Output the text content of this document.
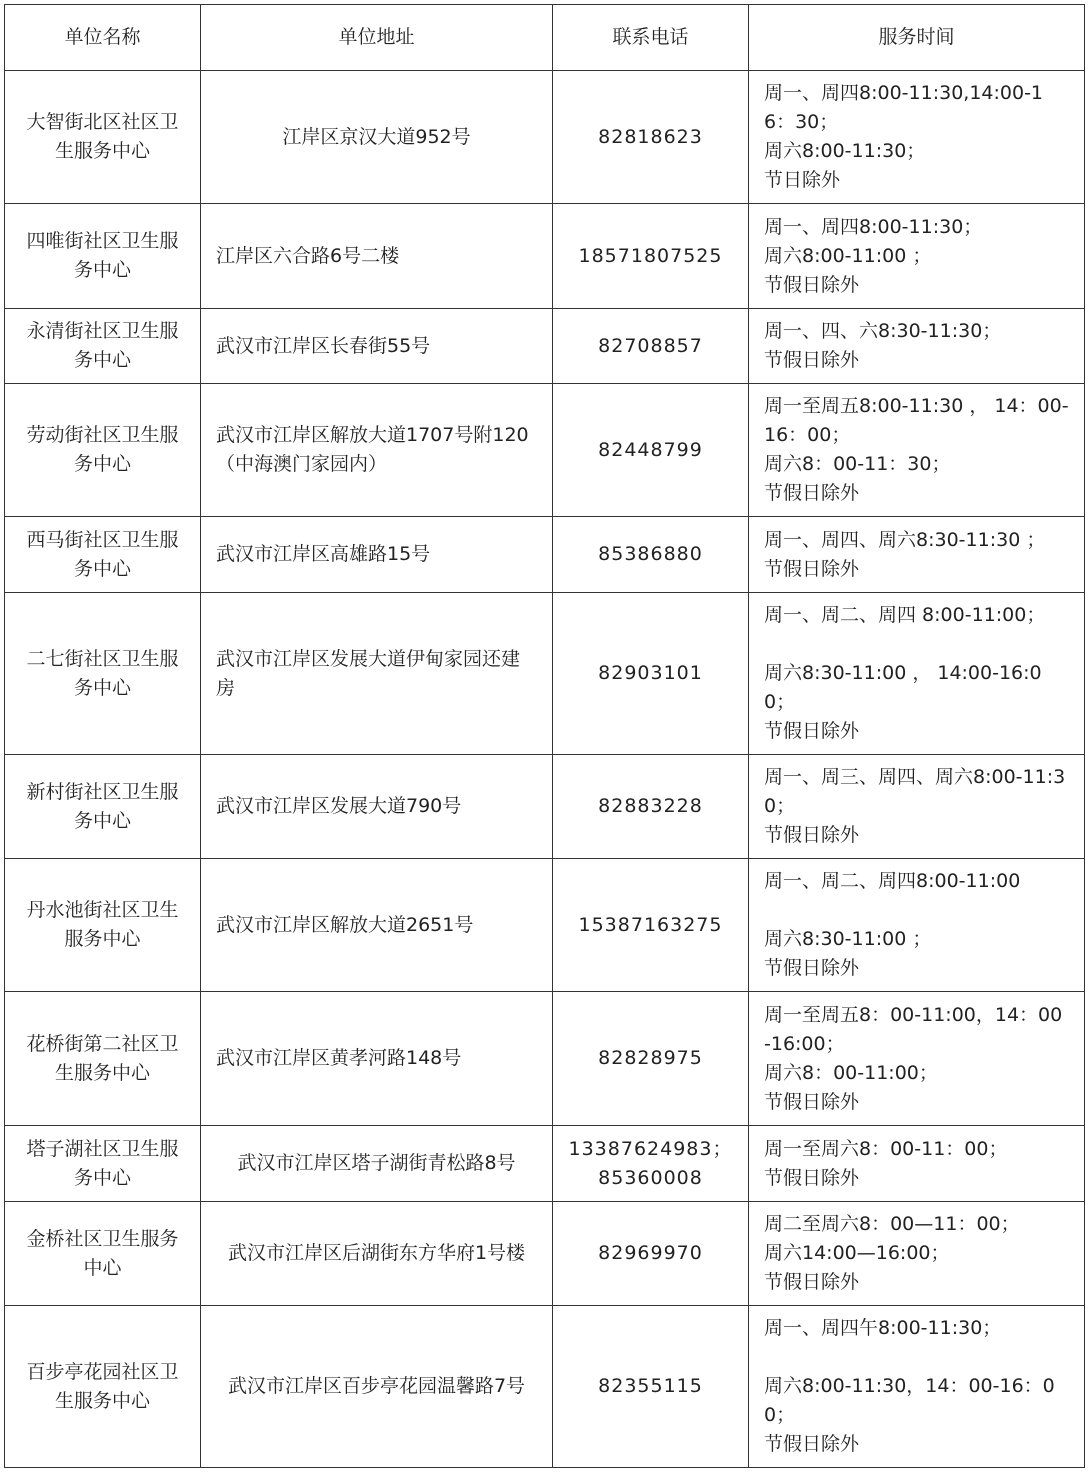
单位名称	单位地址	联系电话	服务时间
大智街北区社区卫生服务中心	江岸区京汉大道952号	82818623	周一、周四8:00-11:30,14:00-16：30；
周六8:00-11:30；
节日除外
四唯街社区卫生服务中心	江岸区六合路6号二楼	18571807525	周一、周四8:00-11:30；
周六8:00-11:00 ；
节假日除外
永清街社区卫生服务中心	武汉市江岸区长春街55号	82708857	周一、四、六8:30-11:30；
节假日除外
劳动街社区卫生服务中心	武汉市江岸区解放大道1707号附120（中海澳门家园内）	82448799	周一至周五8:00-11:30 ， 14：00-16：00；
周六8：00-11：30；
节假日除外
西马街社区卫生服务中心	武汉市江岸区高雄路15号	85386880	周一、周四、周六8:30-11:30 ；
节假日除外
二七街社区卫生服务中心	武汉市江岸区发展大道伊甸家园还建房	82903101	周一、周二、周四 8:00-11:00；

周六8:30-11:00 ， 14:00-16:00；
节假日除外
新村街社区卫生服务中心	武汉市江岸区发展大道790号	82883228	周一、周三、周四、周六8:00-11:30；
节假日除外
丹水池街社区卫生服务中心	武汉市江岸区解放大道2651号	15387163275	周一、周二、周四8:00-11:00

周六8:30-11:00 ；
节假日除外
花桥街第二社区卫生服务中心	武汉市江岸区黄孝河路148号	82828975	周一至周五8：00-11:00，14：00-16:00；
周六8：00-11:00；
节假日除外
塔子湖社区卫生服务中心	武汉市江岸区塔子湖街青松路8号	13387624983；85360008	周一至周六8：00-11：00；
节假日除外
金桥社区卫生服务中心	武汉市江岸区后湖街东方华府1号楼	82969970	周二至周六8：00—11：00；
周六14:00—16:00；
节假日除外
百步亭花园社区卫生服务中心	武汉市江岸区百步亭花园温馨路7号	82355115	周一、周四午8:00-11:30；

周六8:00-11:30，14：00-16：00；
节假日除外
